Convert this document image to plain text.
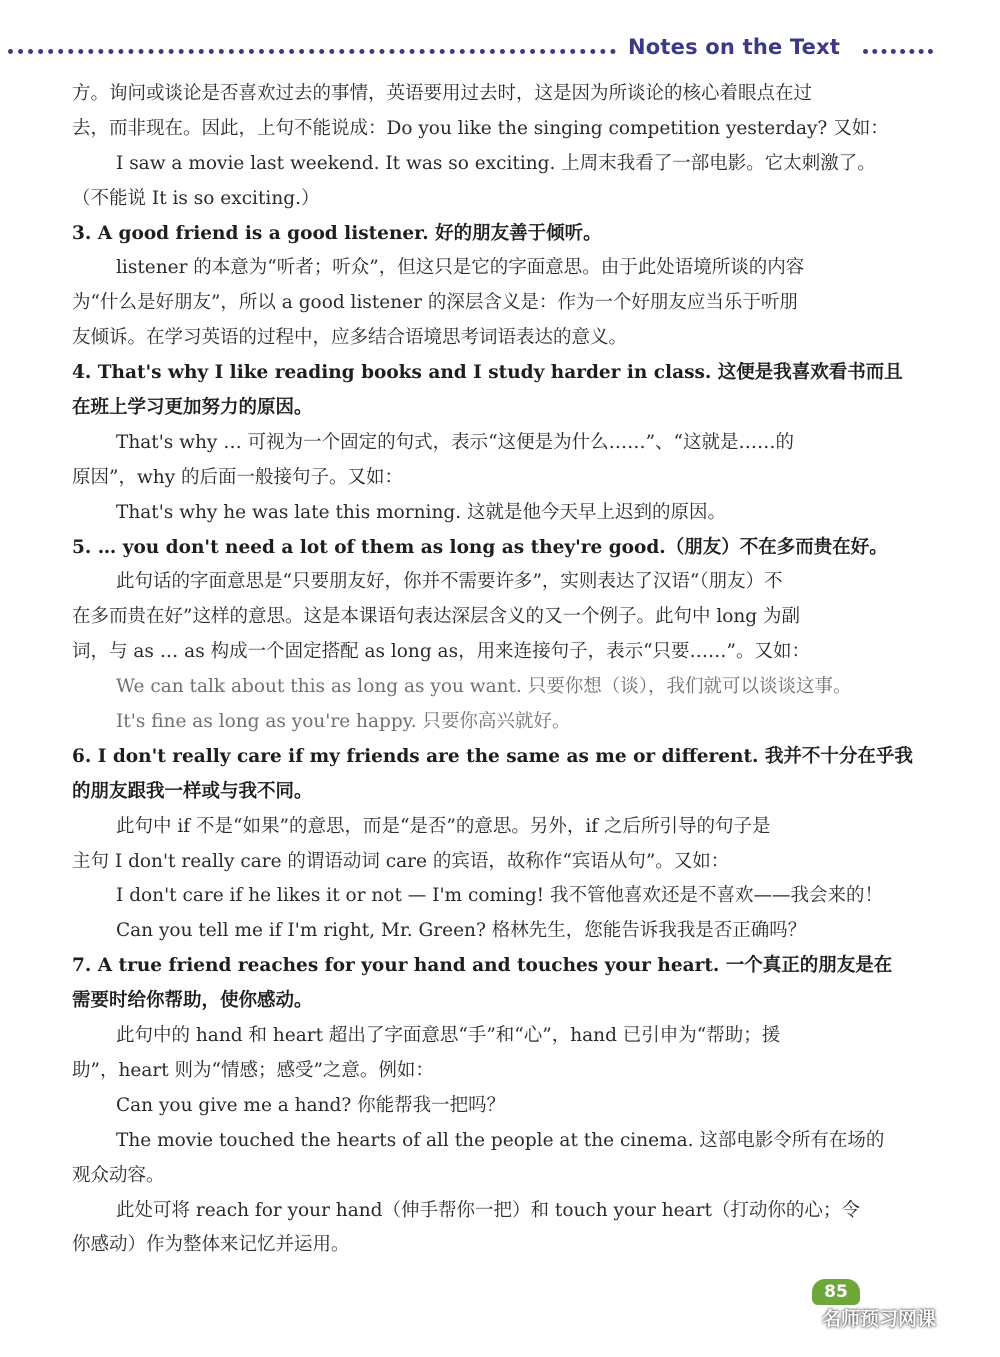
Notes on the Text
方。询问或谈论是否喜欢过去的事情，英语要用过去时，这是因为所谈论的核心着眼点在过
去，而非现在。因此，上句不能说成：Do you like the singing competition yesterday? 又如：
I saw a movie last weekend. It was so exciting. 上周末我看了一部电影。它太刺激了。
（不能说 It is so exciting.）
3. A good friend is a good listener. 好的朋友善于倾听。
listener 的本意为“听者；听众”，但这只是它的字面意思。由于此处语境所谈的内容
为“什么是好朋友”，所以 a good listener 的深层含义是：作为一个好朋友应当乐于听朋
友倾诉。在学习英语的过程中，应多结合语境思考词语表达的意义。
4. That's why I like reading books and I study harder in class. 这便是我喜欢看书而且
在班上学习更加努力的原因。
That's why … 可视为一个固定的句式，表示“这便是为什么……”、“这就是……的
原因”，why 的后面一般接句子。又如：
That's why he was late this morning. 这就是他今天早上迟到的原因。
5. … you don't need a lot of them as long as they're good.（朋友）不在多而贵在好。
此句话的字面意思是“只要朋友好，你并不需要许多”，实则表达了汉语“（朋友）不
在多而贵在好”这样的意思。这是本课语句表达深层含义的又一个例子。此句中 long 为副
词，与 as … as 构成一个固定搭配 as long as，用来连接句子，表示“只要……”。又如：
We can talk about this as long as you want. 只要你想（谈），我们就可以谈谈这事。
It's fine as long as you're happy. 只要你高兴就好。
6. I don't really care if my friends are the same as me or different. 我并不十分在乎我
的朋友跟我一样或与我不同。
此句中 if 不是“如果”的意思，而是“是否”的意思。另外，if 之后所引导的句子是
主句 I don't really care 的谓语动词 care 的宾语，故称作“宾语从句”。又如：
I don't care if he likes it or not — I'm coming! 我不管他喜欢还是不喜欢——我会来的！
Can you tell me if I'm right, Mr. Green? 格林先生，您能告诉我我是否正确吗？
7. A true friend reaches for your hand and touches your heart. 一个真正的朋友是在
需要时给你帮助，使你感动。
此句中的 hand 和 heart 超出了字面意思“手”和“心”，hand 已引申为“帮助；援
助”，heart 则为“情感；感受”之意。例如：
Can you give me a hand? 你能帮我一把吗？
The movie touched the hearts of all the people at the cinema. 这部电影令所有在场的
观众动容。
此处可将 reach for your hand（伸手帮你一把）和 touch your heart（打动你的心；令
你感动）作为整体来记忆并运用。
85
名师预习网课
